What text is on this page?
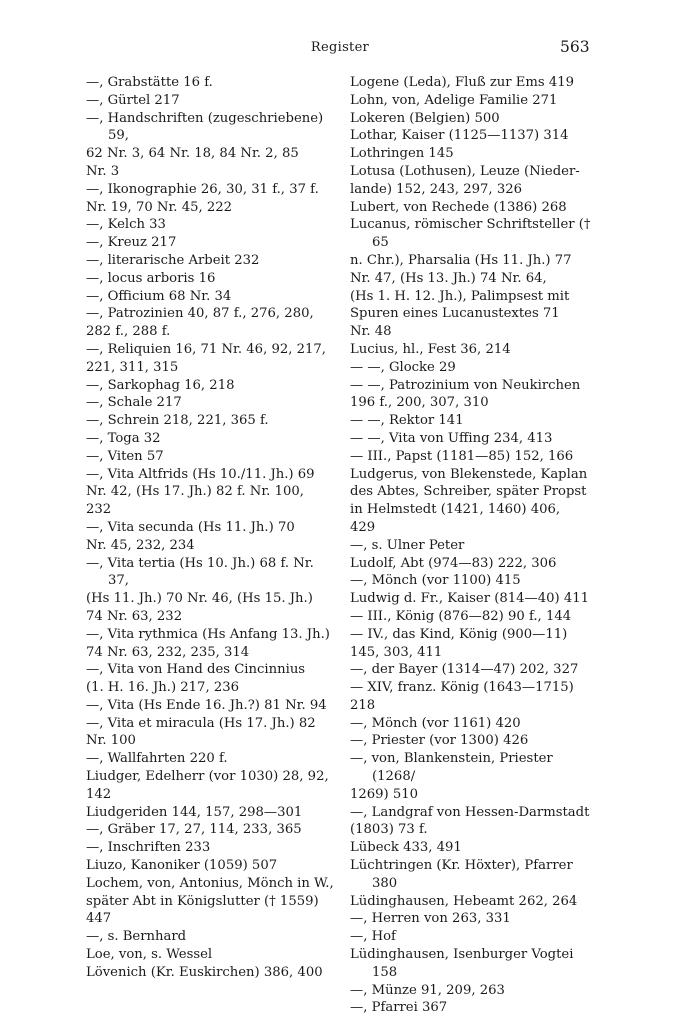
Register	563

—, Grabstätte 16 f.

—, Gürtel 217

—, Handschriften (zugeschriebene) 59,
62 Nr. 3, 64 Nr. 18, 84 Nr. 2, 85
Nr. 3

—, Ikonographie 26, 30, 31 f., 37 f.
Nr. 19, 70 Nr. 45, 222

—, Kelch 33

—, Kreuz 217

—, literarische Arbeit 232

—, locus arboris 16

—, Officium 68 Nr. 34

—, Patrozinien 40, 87 f., 276, 280,
282 f., 288 f.

—, Reliquien 16, 71 Nr. 46, 92, 217,
221, 311, 315

—, Sarkophag 16, 218

—, Schale 217

—, Schrein 218, 221, 365 f.

—, Toga 32

—, Viten 57

—, Vita Altfrids (Hs 10./11. Jh.) 69
Nr. 42, (Hs 17. Jh.) 82 f. Nr. 100,
232

—, Vita secunda (Hs 11. Jh.) 70
Nr. 45, 232, 234

—, Vita tertia (Hs 10. Jh.) 68 f. Nr. 37,
(Hs 11. Jh.) 70 Nr. 46, (Hs 15. Jh.)
74 Nr. 63, 232

—, Vita rythmica (Hs Anfang 13. Jh.)
74 Nr. 63, 232, 235, 314

—, Vita von Hand des Cincinnius
(1. H. 16. Jh.) 217, 236

—, Vita (Hs Ende 16. Jh.?) 81 Nr. 94

—, Vita et miracula (Hs 17. Jh.) 82
Nr. 100

—, Wallfahrten 220 f.

Liudger, Edelherr (vor 1030) 28, 92,
142

Liudgeriden 144, 157, 298—301

—, Gräber 17, 27, 114, 233, 365

—, Inschriften 233

Liuzo, Kanoniker (1059) 507

Lochem, von, Antonius, Mönch in W.,
später Abt in Königslutter († 1559)
447

—, s. Bernhard

Loe, von, s. Wessel

Lövenich (Kr. Euskirchen) 386, 400

Logene (Leda), Fluß zur Ems 419

Lohn, von, Adelige Familie 271

Lokeren (Belgien) 500

Lothar, Kaiser (1125—1137) 314

Lothringen 145

Lotusa (Lothusen), Leuze (Nieder-
lande) 152, 243, 297, 326

Lubert, von Rechede (1386) 268

Lucanus, römischer Schriftsteller († 65
n. Chr.), Pharsalia (Hs 11. Jh.) 77
Nr. 47, (Hs 13. Jh.) 74 Nr. 64,
(Hs 1. H. 12. Jh.), Palimpsest mit
Spuren eines Lucanustextes 71
Nr. 48

Lucius, hl., Fest 36, 214

— —, Glocke 29

— —, Patrozinium von Neukirchen
196 f., 200, 307, 310

— —, Rektor 141

— —, Vita von Uffing 234, 413

— III., Papst (1181—85) 152, 166

Ludgerus, von Blekenstede, Kaplan
des Abtes, Schreiber, später Propst
in Helmstedt (1421, 1460) 406,
429

—, s. Ulner Peter

Ludolf, Abt (974—83) 222, 306

—, Mönch (vor 1100) 415

Ludwig d. Fr., Kaiser (814—40) 411

— III., König (876—82) 90 f., 144

— IV., das Kind, König (900—11)
145, 303, 411

—, der Bayer (1314—47) 202, 327

— XIV, franz. König (1643—1715)
218

—, Mönch (vor 1161) 420

—, Priester (vor 1300) 426

—, von, Blankenstein, Priester (1268/
1269) 510

—, Landgraf von Hessen-Darmstadt
(1803) 73 f.

Lübeck 433, 491

Lüchtringen (Kr. Höxter), Pfarrer 380

Lüdinghausen, Hebeamt 262, 264

—, Herren von 263, 331

—, Hof

Lüdinghausen, Isenburger Vogtei 158

—, Münze 91, 209, 263

—, Pfarrei 367
